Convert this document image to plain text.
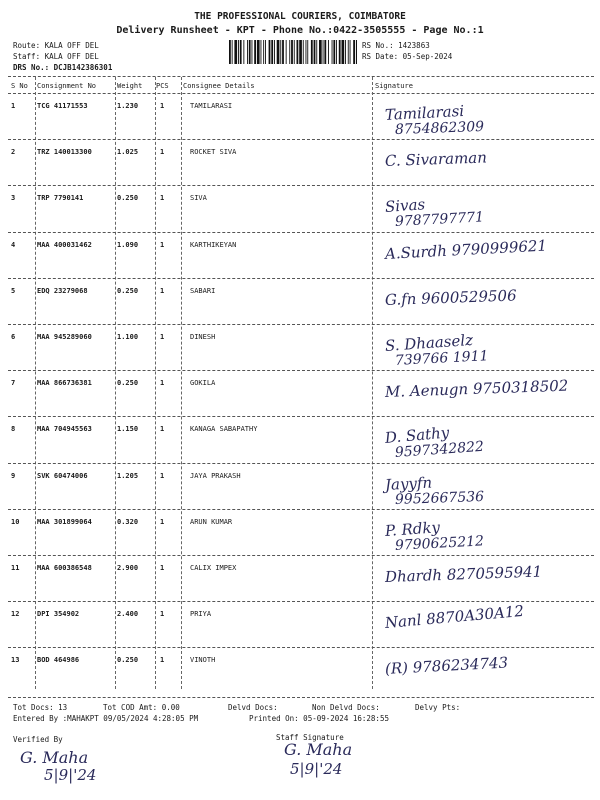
THE PROFESSIONAL COURIERS, COIMBATORE
Delivery Runsheet - KPT - Phone No.:0422-3505555 - Page No.:1
Route: KALA OFF DEL
Staff: KALA OFF DEL
DRS No.: DCJB142386301
RS No.: 1423863
RS Date: 05-Sep-2024
S No Consignment No	Weight PCS Consignee Details	Signature
1	TCG 41171553	1.230	1	TAMILARASI	Tamilarasi
8754862309
2	TRZ 140013300	1.025	1	ROCKET SIVA	C. Sivaraman
3	TRP 7790141	0.250	1	SIVA	Sivas
9787797771
4	MAA 400031462	1.090	1	KARTHIKEYAN	A.Surdh 9790999621
5	EDQ 23279068	0.250	1	SABARI	G.fn 9600529506
6	MAA 945289060	1.100	1	DINESH	S. Dhaaselz
739766 1911
7	MAA 866736381	0.250	1	GOKILA	M. Aenugn 9750318502
8	MAA 704945563	1.150	1	KANAGA SABAPATHY	D. Sathy
9597342822
9	SVK 60474006	1.205	1	JAYA PRAKASH	Jayyfn
9952667536
10	MAA 301899064	0.320	1	ARUN KUMAR	P. Rdky
9790625212
11	MAA 600386548	2.900	1	CALIX IMPEX	Dhardh 8270595941
12	DPI 354902	2.400	1	PRIYA	Nanl 8870A30A12
13	BOD 464986	0.250	1	VINOTH	(R) 9786234743
Tot Docs: 13	Tot COD Amt: 0.00	Delvd Docs:	Non Delvd Docs:	Delvy Pts:
Entered By :MAHAKPT 09/05/2024 4:28:05 PM	Printed On: 05-09-2024 16:28:55
Verified By	Staff Signature
G. Maha
5|9|'24
G. Maha
5|9|'24
